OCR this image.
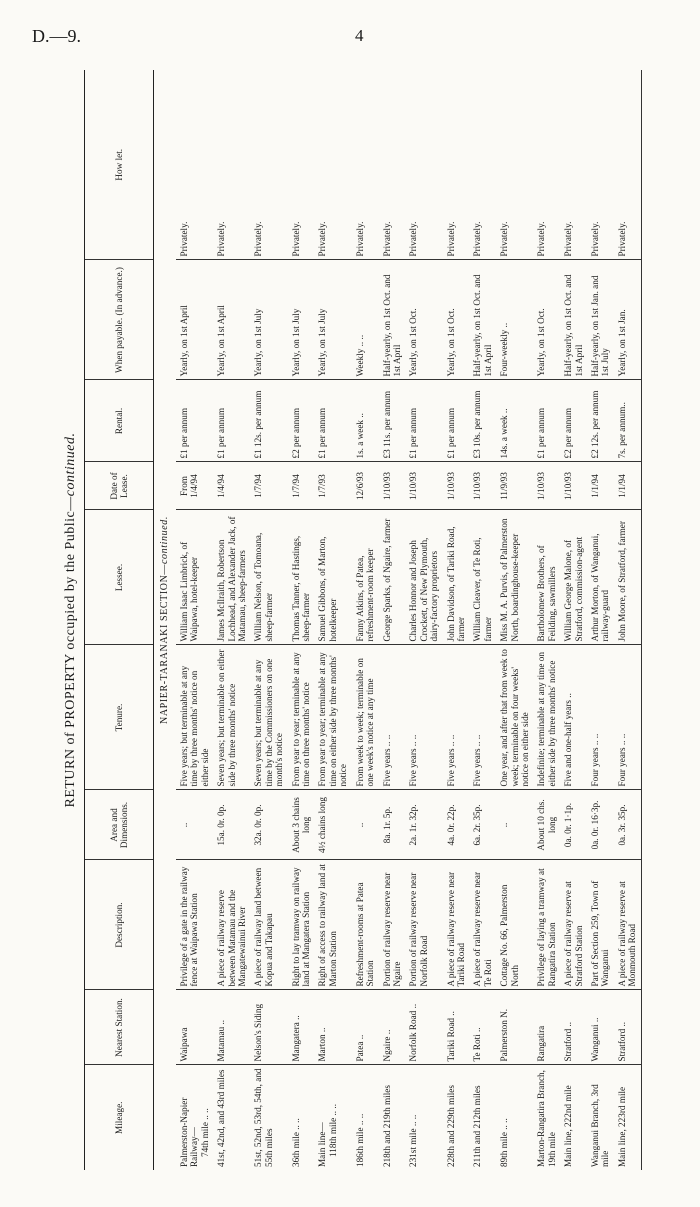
D.—9.	4
RETURN of PROPERTY occupied by the Public—continued.
Mileage.	Nearest Station.	Description.	Area and Dimensions.	Tenure.	Lessee.	Date of Lease.	Rental.	When payable. (In advance.)	How let.
NAPIER-TARANAKI SECTION—continued.									

Palmerston-Napier Railway— 74th mile .. ..	Waipawa	Privilege of a gate in the railway fence at Waipawa Station	..	Five years; but terminable at any time by three months' notice on either side	William Isaac Limbrick, of Waipawa, hotel-keeper	From 1/4/94	£1 per annum	Yearly, on 1st April	Privately.

41st, 42nd, and 43rd miles	Matamau ..	A piece of railway reserve between Matamau and the Mangatewainui River	15a. 0r. 0p.	Seven years; but terminable on either side by three months' notice	James McIlraith, Robertson Lochhead, and Alexander Jack, of Matamau, sheep-farmers	1/4/94	£1 per annum	Yearly, on 1st April	Privately.

51st, 52nd, 53rd, 54th, and 55th miles	Nelson's Siding	A piece of railway land between Kopua and Takapau	32a. 0r. 0p.	Seven years; but terminable at any time by the Commissioners on one month's notice	William Nelson, of Tomoana, sheep-farmer	1/7/94	£1 12s. per annum	Yearly, on 1st July	Privately.

36th mile .. ..	Mangatera ..	Right to lay tramway on railway land at Mangatera Station	About 3 chains long	From year to year; terminable at any time on three months' notice	Thomas Tanner, of Hastings, sheep-farmer	1/7/94	£2 per annum	Yearly, on 1st July	Privately.

Main line— 118th mile .. ..	Marton ..	Right of access to railway land at Marton Station	4½ chains long	From year to year; terminable at any time on either side by three months' notice	Samuel Gibbons, of Marton, hotelkeeper	1/7/93	£1 per annum	Yearly, on 1st July	Privately.

186th mile .. ..	Patea ..	Refreshment-rooms at Patea Station	..	From week to week; terminable on one week's notice at any time	Fanny Atkins, of Patea, refreshment-room keeper	12/6/93	1s. a week ..	Weekly .. ..	Privately.

218th and 219th miles	Ngaire ..	Portion of railway reserve near Ngaire	8a. 1r. 5p.	Five years .. ..	George Sparks, of Ngaire, farmer	1/10/93	£3 11s. per annum	Half-yearly, on 1st Oct. and 1st April	Privately.

231st mile .. ..	Norfolk Road ..	Portion of railway reserve near Norfolk Road	2a. 1r. 32p.	Five years .. ..	Charles Honnor and Joseph Crockett, of New Plymouth, dairy-factory proprietors	1/10/93	£1 per annum	Yearly, on 1st Oct.	Privately.

228th and 229th miles	Tariki Road ..	A piece of railway reserve near Tariki Road	4a. 0r. 22p.	Five years .. ..	John Davidson, of Tariki Road, farmer	1/10/93	£1 per annum	Yearly, on 1st Oct.	Privately.

211th and 212th miles	Te Roti ..	A piece of railway reserve near Te Roti	6a. 2r. 35p.	Five years .. ..	William Cleaver, of Te Roti, farmer	1/10/93	£3 10s. per annum	Half-yearly, on 1st Oct. and 1st April	Privately.

89th mile .. ..	Palmerston N.	Cottage No. 66, Palmerston North	..	One year, and after that from week to week; terminable on four weeks' notice on either side	Miss M. A. Purvis, of Palmerston North, boardinghouse-keeper	11/9/93	14s. a week ..	Four-weekly ..	Privately.

Marton-Rangatira Branch, 19th mile	Rangatira	Privilege of laying a tramway at Rangatira Station	About 10 chs. long	Indefinite; terminable at any time on either side by three months' notice	Bartholomew Brothers, of Feilding, sawmillers	1/10/93	£1 per annum	Yearly, on 1st Oct.	Privately.

Main line, 222nd mile	Stratford ..	A piece of railway reserve at Stratford Station	0a. 0r. 1·1p.	Five and one-half years ..	William George Malone, of Stratford, commission-agent	1/10/93	£2 per annum	Half-yearly, on 1st Oct. and 1st April	Privately.

Wanganui Branch, 3rd mile	Wanganui ..	Part of Section 259, Town of Wanganui	0a. 0r. 16·3p.	Four years .. ..	Arthur Morton, of Wanganui, railway-guard	1/1/94	£2 12s. per annum	Half-yearly, on 1st Jan. and 1st July	Privately.

Main line, 223rd mile	Stratford ..	A piece of railway reserve at Monmouth Road	0a. 3r. 35p.	Four years .. ..	John Moore, of Stratford, farmer	1/1/94	7s. per annum..	Yearly, on 1st Jan.	Privately.
